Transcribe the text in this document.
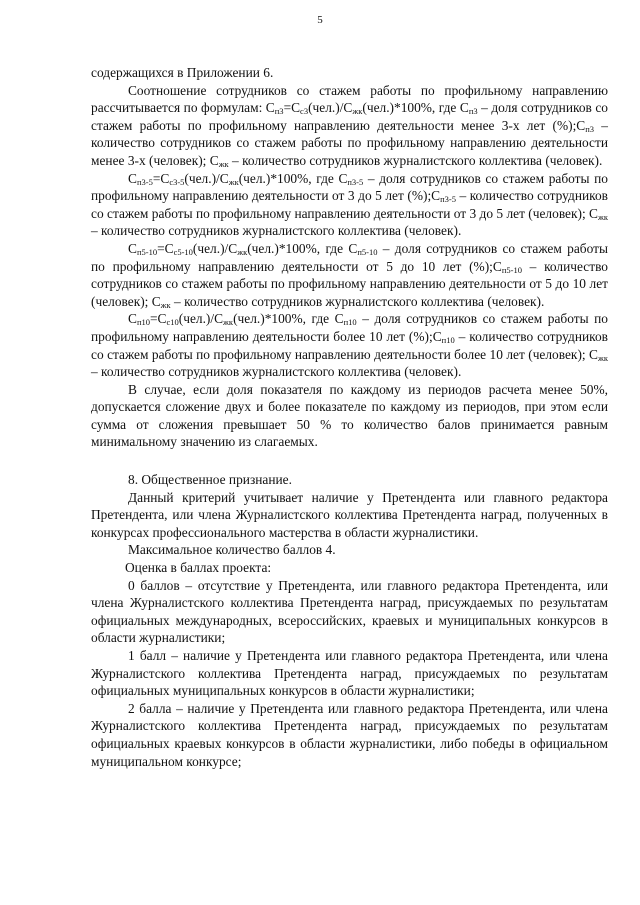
5

содержащихся в Приложении 6.

Соотношение сотрудников со стажем работы по профильному направлению рассчитывается по формулам: $С_{п3}=С_{с3}(чел.)/С_{жк}(чел.)*100\%$, где $С_{п3}$ – доля сотрудников со стажем работы по профильному направлению деятельности менее 3-х лет $(\%);С_{п3}$ – количество сотрудников со стажем работы по профильному направлению деятельности менее 3-х (человек); $С_{жк}$ – количество сотрудников журналистского коллектива (человек).

$С_{п3-5}=С_{с3-5}(чел.)/С_{жк}(чел.)*100\%$, где $С_{п3-5}$ – доля сотрудников со стажем работы по профильному направлению деятельности от 3 до 5 лет $(\%);С_{п3-5}$ – количество сотрудников со стажем работы по профильному направлению деятельности от 3 до 5 лет (человек); $С_{жк}$ – количество сотрудников журналистского коллектива (человек).

$С_{п5-10}=С_{с5-10}(чел.)/С_{жк}(чел.)*100\%$, где $С_{п5-10}$ – доля сотрудников со стажем работы по профильному направлению деятельности от 5 до 10 лет $(\%);С_{п5-10}$ – количество сотрудников со стажем работы по профильному направлению деятельности от 5 до 10 лет (человек); $С_{жк}$ – количество сотрудников журналистского коллектива (человек).

$С_{п10}=С_{с10}(чел.)/С_{жк}(чел.)*100\%$, где $С_{п10}$ – доля сотрудников со стажем работы по профильному направлению деятельности более 10 лет $(\%);С_{п10}$ – количество сотрудников со стажем работы по профильному направлению деятельности более 10 лет (человек); $С_{жк}$ – количество сотрудников журналистского коллектива (человек).

В случае, если доля показателя по каждому из периодов расчета менее 50%, допускается сложение двух и более показателе по каждому из периодов, при этом если сумма от сложения превышает 50 % то количество балов принимается равным минимальному значению из слагаемых.

8. Общественное признание.

Данный критерий учитывает наличие у Претендента или главного редактора Претендента, или члена Журналистского коллектива Претендента наград, полученных в конкурсах профессионального мастерства в области журналистики.

Максимальное количество баллов 4.

Оценка в баллах проекта:

0 баллов – отсутствие у Претендента, или главного редактора Претендента, или члена Журналистского коллектива Претендента наград, присуждаемых по результатам официальных международных, всероссийских, краевых и муниципальных конкурсов в области журналистики;

1 балл – наличие у Претендента или главного редактора Претендента, или члена Журналистского коллектива Претендента наград, присуждаемых по результатам официальных муниципальных конкурсов в области журналистики;

2 балла – наличие у Претендента или главного редактора Претендента, или члена Журналистского коллектива Претендента наград, присуждаемых по результатам официальных краевых конкурсов в области журналистики, либо победы в официальном муниципальном конкурсе;
